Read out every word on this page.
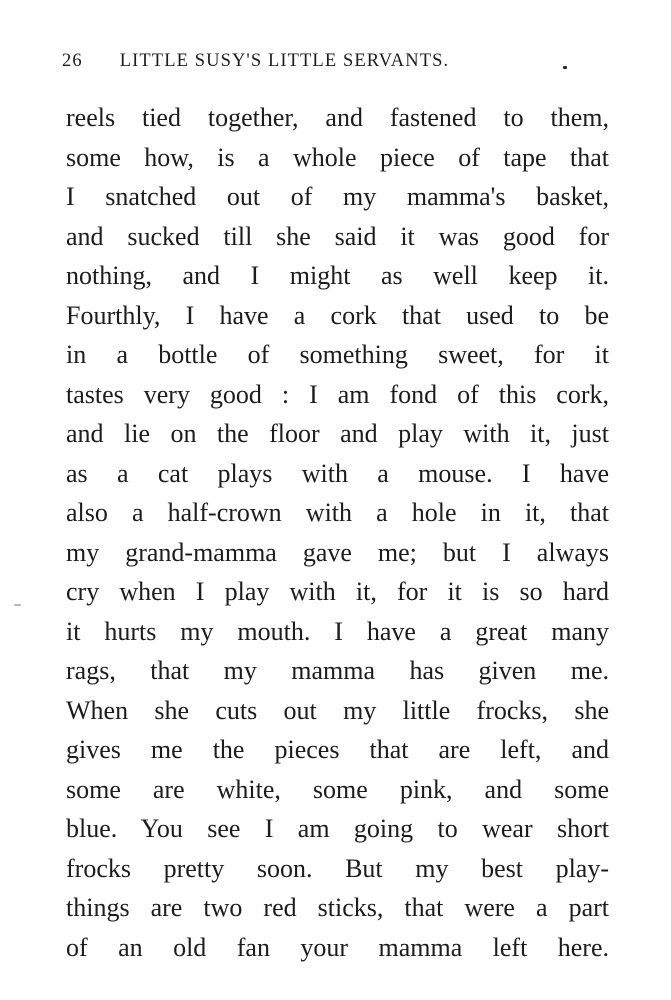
26 LITTLE SUSY'S LITTLE SERVANTS.
reels tied together, and fastened to them,
some how, is a whole piece of tape that
I snatched out of my mamma's basket,
and sucked till she said it was good for
nothing, and I might as well keep it.
Fourthly, I have a cork that used to be
in a bottle of something sweet, for it
tastes very good : I am fond of this cork,
and lie on the floor and play with it, just
as a cat plays with a mouse. I have
also a half-crown with a hole in it, that
my grand-mamma gave me; but I always
cry when I play with it, for it is so hard
it hurts my mouth. I have a great many
rags, that my mamma has given me.
When she cuts out my little frocks, she
gives me the pieces that are left, and
some are white, some pink, and some
blue. You see I am going to wear short
frocks pretty soon. But my best play-
things are two red sticks, that were a part
of an old fan your mamma left here.
